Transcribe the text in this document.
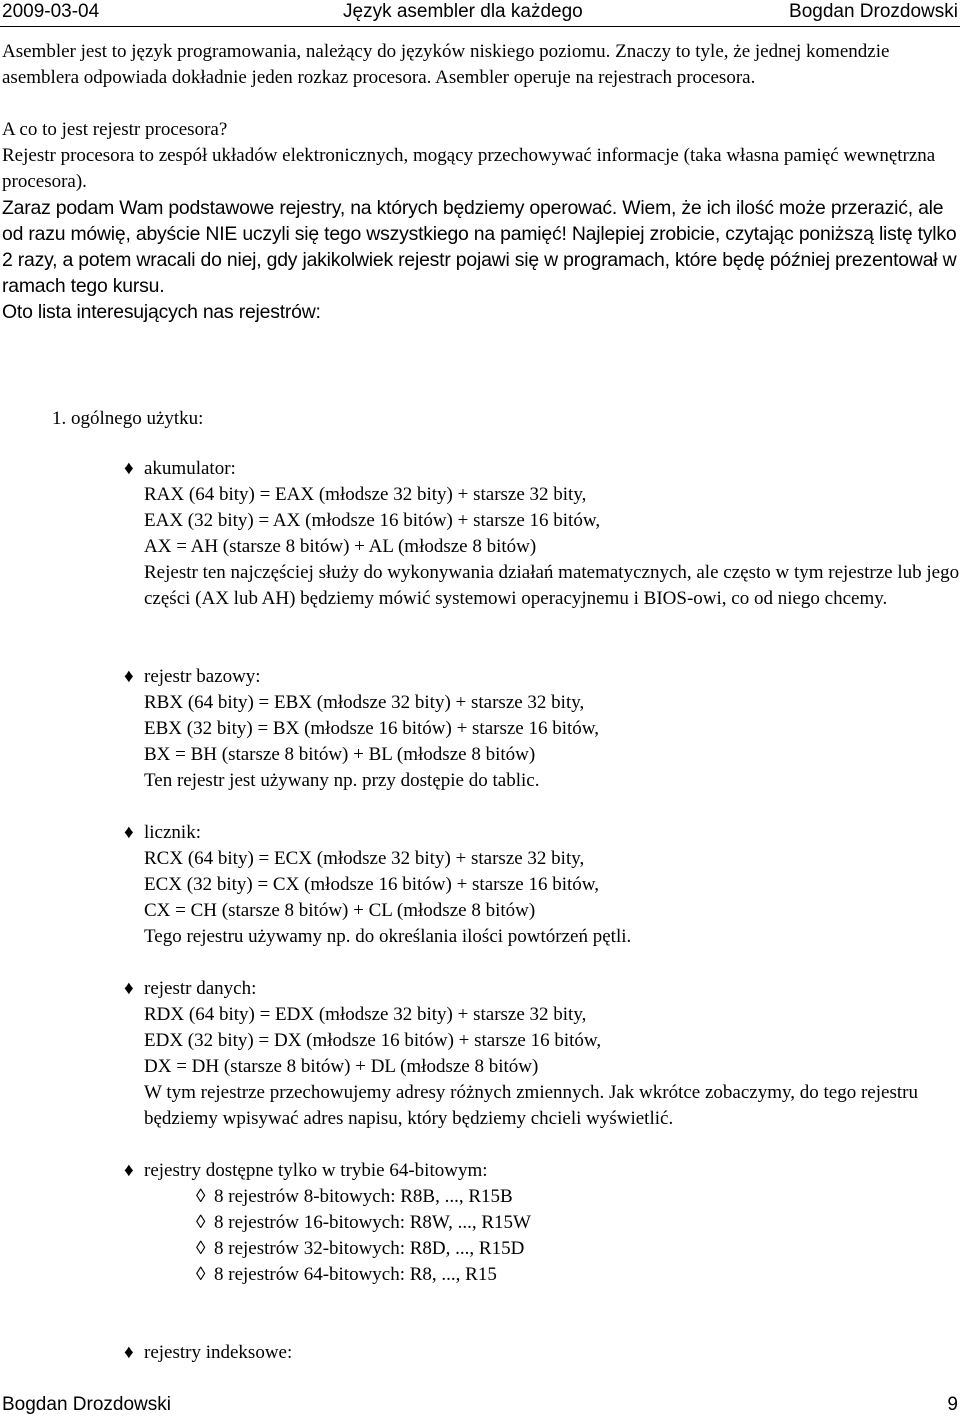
2009-03-04	Język asembler dla każdego	Bogdan Drozdowski

Asembler jest to język programowania, należący do języków niskiego poziomu. Znaczy to tyle, że jednej komendzie asemblera odpowiada dokładnie jeden rozkaz procesora. Asembler operuje na rejestrach procesora.

A co to jest rejestr procesora?

Rejestr procesora to zespół układów elektronicznych, mogący przechowywać informacje (taka własna pamięć wewnętrzna procesora).

Zaraz podam Wam podstawowe rejestry, na których będziemy operować. Wiem, że ich ilość może przerazić, ale od razu mówię, abyście NIE uczyli się tego wszystkiego na pamięć! Najlepiej zrobicie, czytając poniższą listę tylko 2 razy, a potem wracali do niej, gdy jakikolwiek rejestr pojawi się w programach, które będę później prezentował w ramach tego kursu.

Oto lista interesujących nas rejestrów:

1. ogólnego użytku:
♦ akumulator:
RAX (64 bity) = EAX (młodsze 32 bity) + starsze 32 bity,
EAX (32 bity) = AX (młodsze 16 bitów) + starsze 16 bitów,
AX = AH (starsze 8 bitów) + AL (młodsze 8 bitów)
Rejestr ten najczęściej służy do wykonywania działań matematycznych, ale często w tym rejestrze lub jego części (AX lub AH) będziemy mówić systemowi operacyjnemu i BIOS-owi, co od niego chcemy.
♦ rejestr bazowy:
RBX (64 bity) = EBX (młodsze 32 bity) + starsze 32 bity,
EBX (32 bity) = BX (młodsze 16 bitów) + starsze 16 bitów,
BX = BH (starsze 8 bitów) + BL (młodsze 8 bitów)
Ten rejestr jest używany np. przy dostępie do tablic.
♦ licznik:
RCX (64 bity) = ECX (młodsze 32 bity) + starsze 32 bity,
ECX (32 bity) = CX (młodsze 16 bitów) + starsze 16 bitów,
CX = CH (starsze 8 bitów) + CL (młodsze 8 bitów)
Tego rejestru używamy np. do określania ilości powtórzeń pętli.
♦ rejestr danych:
RDX (64 bity) = EDX (młodsze 32 bity) + starsze 32 bity,
EDX (32 bity) = DX (młodsze 16 bitów) + starsze 16 bitów,
DX = DH (starsze 8 bitów) + DL (młodsze 8 bitów)
W tym rejestrze przechowujemy adresy różnych zmiennych. Jak wkrótce zobaczymy, do tego rejestru będziemy wpisywać adres napisu, który będziemy chcieli wyświetlić.
♦ rejestry dostępne tylko w trybie 64-bitowym:
◊ 8 rejestrów 8-bitowych: R8B, ..., R15B
◊ 8 rejestrów 16-bitowych: R8W, ..., R15W
◊ 8 rejestrów 32-bitowych: R8D, ..., R15D
◊ 8 rejestrów 64-bitowych: R8, ..., R15
♦ rejestry indeksowe:
Bogdan Drozdowski	9
